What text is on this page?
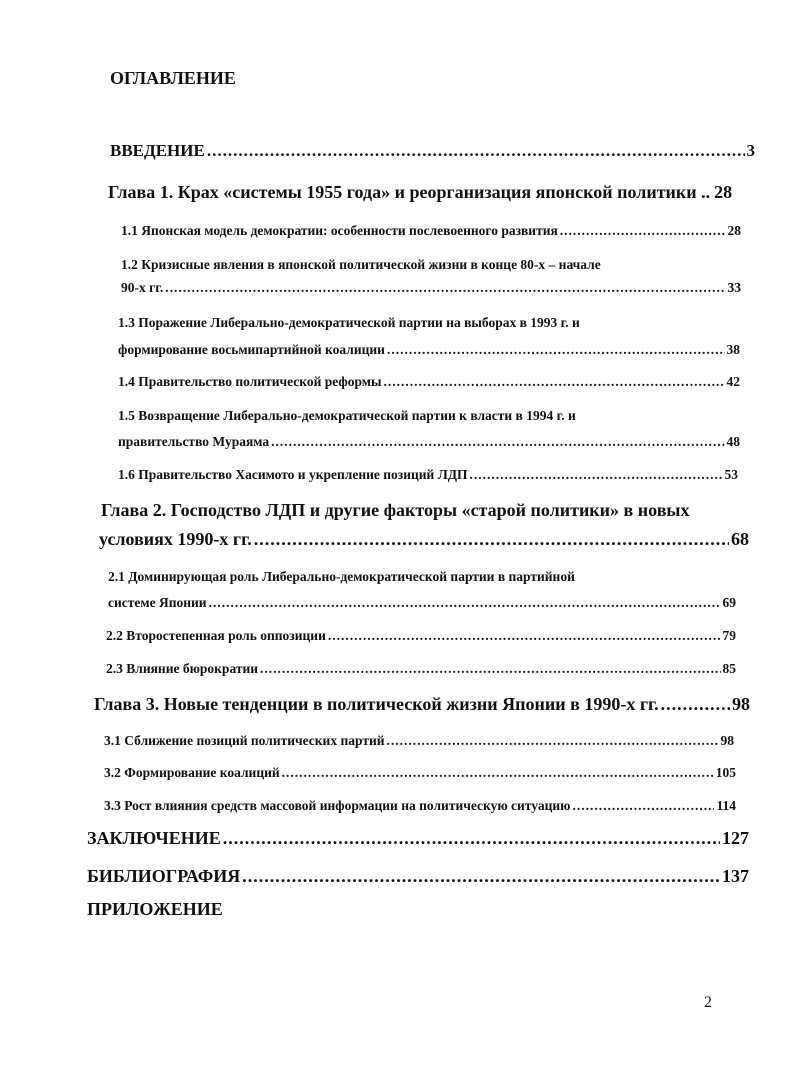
ОГЛАВЛЕНИЕ
ВВЕДЕНИЕ .....	3
Глава 1. Крах «системы 1955 года» и реорганизация японской политики .. 28
1.1 Японская модель демократии: особенности послевоенного развития .....	28
1.2 Кризисные явления в японской политической жизни в конце 80-х – начале
90-х гг. .....	33
1.3 Поражение Либерально-демократической партии на выборах в 1993 г. и
формирование восьмипартийной коалиции .....	38
1.4 Правительство политической реформы .....	42
1.5 Возвращение Либерально-демократической партии к власти в 1994 г. и
правительство Мураяма .....	48
1.6 Правительство Хасимото и укрепление позиций ЛДП .....	53
Глава 2. Господство ЛДП и другие факторы «старой политики» в новых
условиях 1990-х гг. .....	68
2.1 Доминирующая роль Либерально-демократической партии в партийной
системе Японии .....	69
2.2 Второстепенная роль оппозиции .....	79
2.3 Влияние бюрократии .....	85
Глава 3. Новые тенденции в политической жизни Японии в 1990-х гг. .....	98
3.1 Сближение позиций политических партий .....	98
3.2 Формирование коалиций .....	105
3.3 Рост влияния средств массовой информации на политическую ситуацию .....	114
ЗАКЛЮЧЕНИЕ .....	127
БИБЛИОГРАФИЯ .....	137
ПРИЛОЖЕНИЕ
2
